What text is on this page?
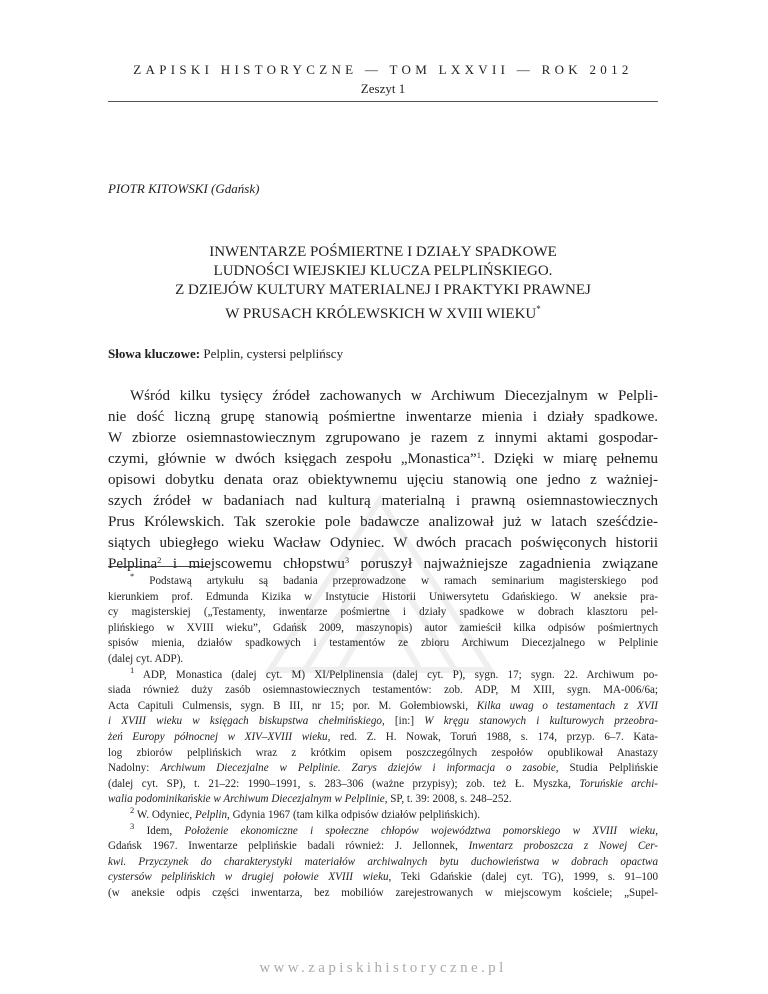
ZAPISKI HISTORYCZNE — TOM LXXVII — ROK 2012
Zeszyt 1
PIOTR KITOWSKI (Gdańsk)
INWENTARZE POŚMIERTNE I DZIAŁY SPADKOWE
LUDNOŚCI WIEJSKIEJ KLUCZA PELPLIŃSKIEGO.
Z DZIEJÓW KULTURY MATERIALNEJ I PRAKTYKI PRAWNEJ
W PRUSACH KRÓLEWSKICH W XVIII WIEKU*
Słowa kluczowe: Pelplin, cystersi pelplińscy
Wśród kilku tysięcy źródeł zachowanych w Archiwum Diecezjalnym w Pelpli-
nie dość liczną grupę stanowią pośmiertne inwentarze mienia i działy spadkowe.
W zbiorze osiemnastowiecznym zgrupowano je razem z innymi aktami gospodar-
czymi, głównie w dwóch księgach zespołu „Monastica”$^1$. Dzięki w miarę pełnemu
opisowi dobytku denata oraz obiektywnemu ujęciu stanowią one jedno z ważniej-
szych źródeł w badaniach nad kulturą materialną i prawną osiemnastowiecznych
Prus Królewskich. Tak szerokie pole badawcze analizował już w latach sześćdzie-
siątych ubiegłego wieku Wacław Odyniec. W dwóch pracach poświęconych historii
Pelplina$^2$ i miejscowemu chłopstwu$^3$ poruszył najważniejsze zagadnienia związane
* Podstawą artykułu są badania przeprowadzone w ramach seminarium magisterskiego pod
kierunkiem prof. Edmunda Kizika w Instytucie Historii Uniwersytetu Gdańskiego. W aneksie pra-
cy magisterskiej („Testamenty, inwentarze pośmiertne i działy spadkowe w dobrach klasztoru pel-
plińskiego w XVIII wieku”, Gdańsk 2009, maszynopis) autor zamieścił kilka odpisów pośmiertnych
spisów mienia, działów spadkowych i testamentów ze zbioru Archiwum Diecezjalnego w Pelplinie
(dalej cyt. ADP).
$^1$ ADP, Monastica (dalej cyt. M) XI/Pelplinensia (dalej cyt. P), sygn. 17; sygn. 22. Archiwum po-
siada również duży zasób osiemnastowiecznych testamentów: zob. ADP, M XIII, sygn. MA-006/6a;
Acta Capituli Culmensis, sygn. B III, nr 15; por. M. Gołembiowski, Kilka uwag o testamentach z XVII
i XVIII wieku w księgach biskupstwa chełmińskiego, [in:] W kręgu stanowych i kulturowych przeobra-
żeń Europy północnej w XIV–XVIII wieku, red. Z. H. Nowak, Toruń 1988, s. 174, przyp. 6–7. Kata-
log zbiorów pelplińskich wraz z krótkim opisem poszczególnych zespołów opublikował Anastazy
Nadolny: Archiwum Diecezjalne w Pelplinie. Zarys dziejów i informacja o zasobie, Studia Pelplińskie
(dalej cyt. SP), t. 21–22: 1990–1991, s. 283–306 (ważne przypisy); zob. też Ł. Myszka, Toruńskie archi-
walia podominikańskie w Archiwum Diecezjalnym w Pelplinie, SP, t. 39: 2008, s. 248–252.
$^2$ W. Odyniec, Pelplin, Gdynia 1967 (tam kilka odpisów działów pelplińskich).
$^3$ Idem, Położenie ekonomiczne i społeczne chłopów województwa pomorskiego w XVIII wieku,
Gdańsk 1967. Inwentarze pelplińskie badali również: J. Jellonnek, Inwentarz proboszcza z Nowej Cer-
kwi. Przyczynek do charakterystyki materiałów archiwalnych bytu duchowieństwa w dobrach opactwa
cystersów pelplińskich w drugiej połowie XVIII wieku, Teki Gdańskie (dalej cyt. TG), 1999, s. 91–100
(w aneksie odpis części inwentarza, bez mobiliów zarejestrowanych w miejscowym kościele; „Supel-
www.zapiskihistoryczne.pl
